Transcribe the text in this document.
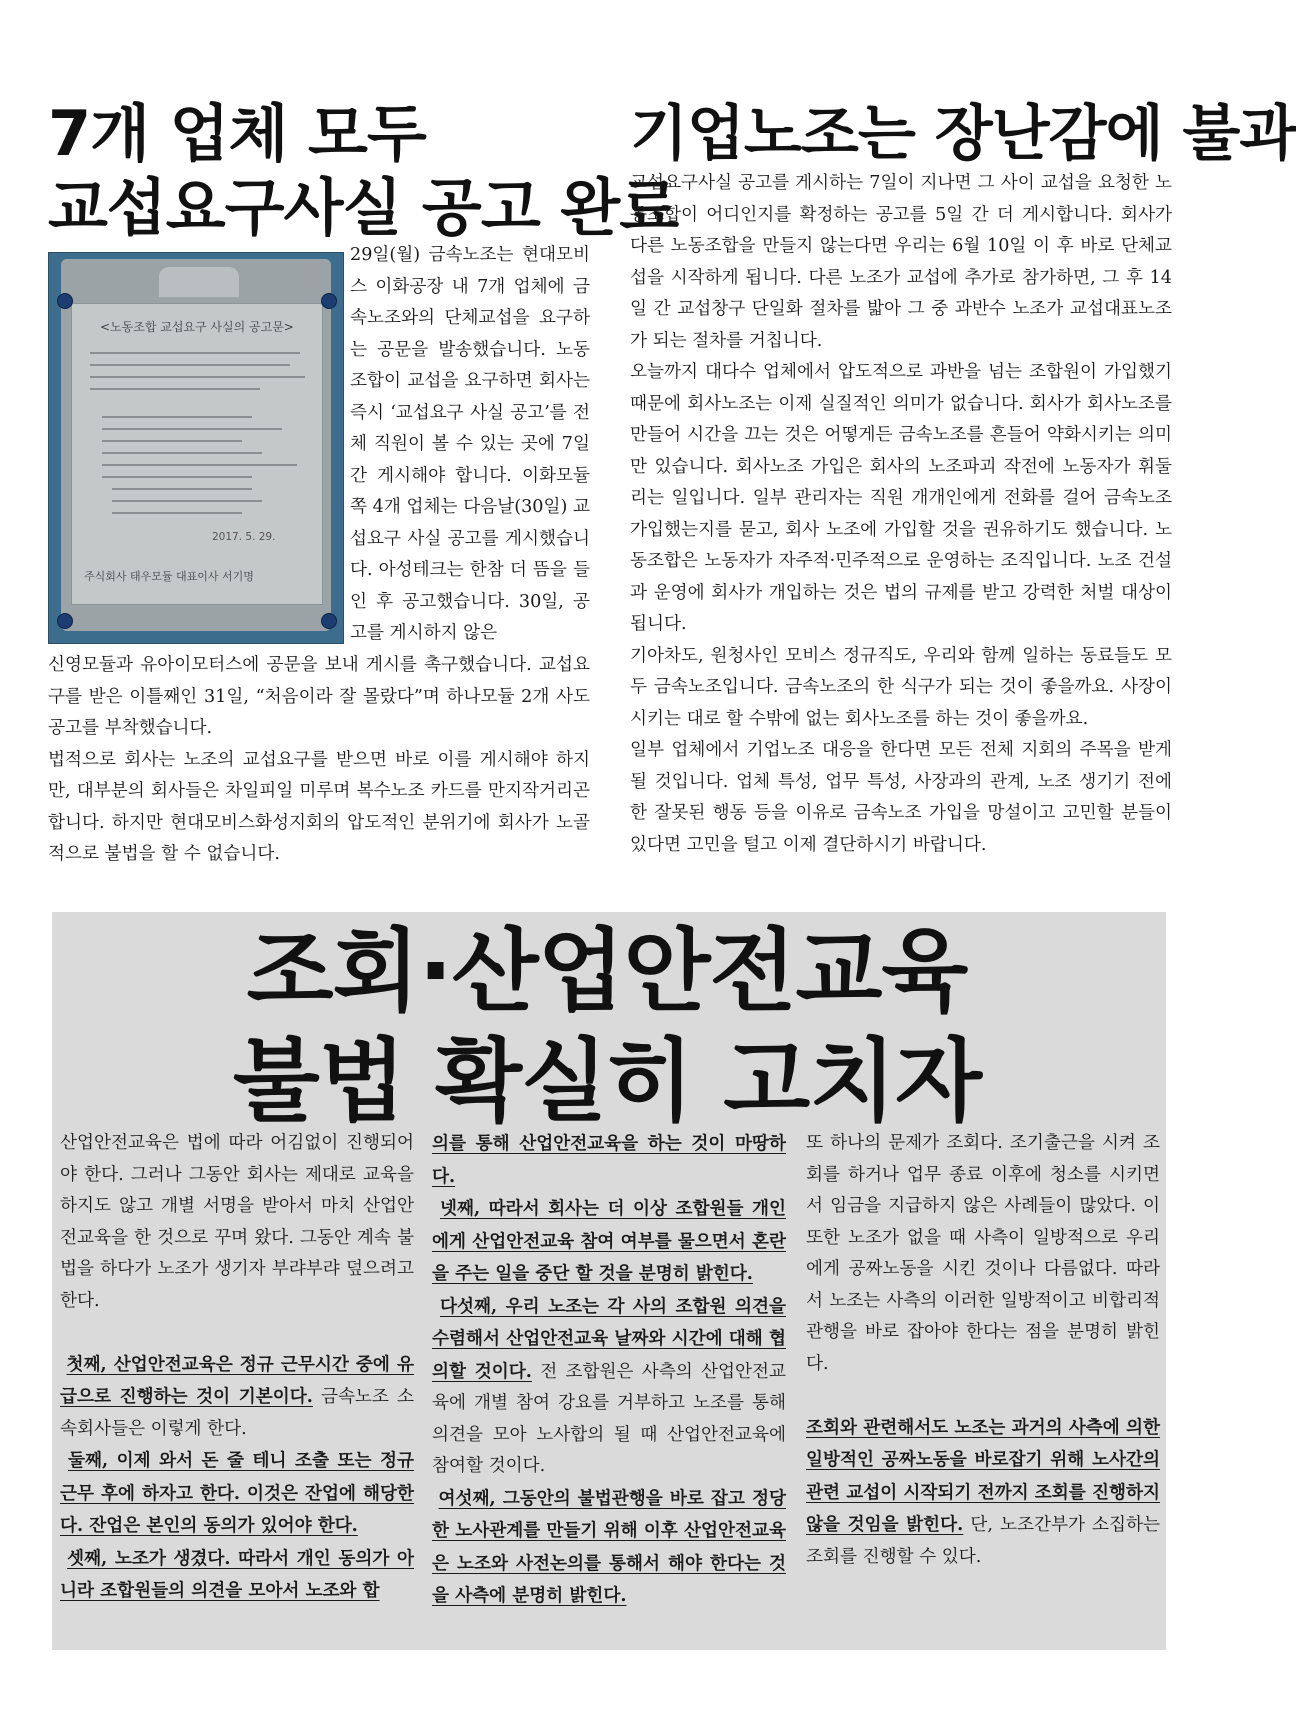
7개 업체 모두
교섭요구사실 공고 완료
<노동조합 교섭요구 사실의 공고문>
2017. 5. 29.
주식회사 태우모듈 대표이사 서기명
29일(월) 금속노조는 현대모비스 이화공장 내 7개 업체에 금속노조와의 단체교섭을 요구하는 공문을 발송했습니다. 노동조합이 교섭을 요구하면 회사는 즉시 ‘교섭요구 사실 공고’를 전체 직원이 볼 수 있는 곳에 7일 간 게시해야 합니다. 이화모듈 쪽 4개 업체는 다음날(30일) 교섭요구 사실 공고를 게시했습니다. 아성테크는 한참 더 뜸을 들인 후 공고했습니다. 30일, 공고를 게시하지 않은

신영모듈과 유아이모터스에 공문을 보내 게시를 촉구했습니다. 교섭요구를 받은 이틀째인 31일, “처음이라 잘 몰랐다”며 하나모듈 2개 사도 공고를 부착했습니다.

법적으로 회사는 노조의 교섭요구를 받으면 바로 이를 게시해야 하지만, 대부분의 회사들은 차일피일 미루며 복수노조 카드를 만지작거리곤 합니다. 하지만 현대모비스화성지회의 압도적인 분위기에 회사가 노골적으로 불법을 할 수 없습니다.

기업노조는 장난감에 불과

교섭요구사실 공고를 게시하는 7일이 지나면 그 사이 교섭을 요청한 노동조합이 어디인지를 확정하는 공고를 5일 간 더 게시합니다. 회사가 다른 노동조합을 만들지 않는다면 우리는 6월 10일 이 후 바로 단체교섭을 시작하게 됩니다. 다른 노조가 교섭에 추가로 참가하면, 그 후 14일 간 교섭창구 단일화 절차를 밟아 그 중 과반수 노조가 교섭대표노조가 되는 절차를 거칩니다.

오늘까지 대다수 업체에서 압도적으로 과반을 넘는 조합원이 가입했기 때문에 회사노조는 이제 실질적인 의미가 없습니다. 회사가 회사노조를 만들어 시간을 끄는 것은 어떻게든 금속노조를 흔들어 약화시키는 의미만 있습니다. 회사노조 가입은 회사의 노조파괴 작전에 노동자가 휘둘리는 일입니다. 일부 관리자는 직원 개개인에게 전화를 걸어 금속노조 가입했는지를 묻고, 회사 노조에 가입할 것을 권유하기도 했습니다. 노동조합은 노동자가 자주적·민주적으로 운영하는 조직입니다. 노조 건설과 운영에 회사가 개입하는 것은 법의 규제를 받고 강력한 처벌 대상이 됩니다.

기아차도, 원청사인 모비스 정규직도, 우리와 함께 일하는 동료들도 모두 금속노조입니다. 금속노조의 한 식구가 되는 것이 좋을까요. 사장이 시키는 대로 할 수밖에 없는 회사노조를 하는 것이 좋을까요.

일부 업체에서 기업노조 대응을 한다면 모든 전체 지회의 주목을 받게 될 것입니다. 업체 특성, 업무 특성, 사장과의 관계, 노조 생기기 전에 한 잘못된 행동 등을 이유로 금속노조 가입을 망설이고 고민할 분들이 있다면 고민을 털고 이제 결단하시기 바랍니다.

조회·산업안전교육
불법 확실히 고치자

산업안전교육은 법에 따라 어김없이 진행되어야 한다. 그러나 그동안 회사는 제대로 교육을 하지도 않고 개별 서명을 받아서 마치 산업안전교육을 한 것으로 꾸며 왔다. 그동안 계속 불법을 하다가 노조가 생기자 부랴부랴 덮으려고 한다.

첫째, 산업안전교육은 정규 근무시간 중에 유급으로 진행하는 것이 기본이다. 금속노조 소속회사들은 이렇게 한다.

둘째, 이제 와서 돈 줄 테니 조출 또는 정규 근무 후에 하자고 한다. 이것은 잔업에 해당한다. 잔업은 본인의 동의가 있어야 한다.

셋째, 노조가 생겼다. 따라서 개인 동의가 아니라 조합원들의 의견을 모아서 노조와 합

의를 통해 산업안전교육을 하는 것이 마땅하다.

넷째, 따라서 회사는 더 이상 조합원들 개인에게 산업안전교육 참여 여부를 물으면서 혼란을 주는 일을 중단 할 것을 분명히 밝힌다.

다섯째, 우리 노조는 각 사의 조합원 의견을 수렴해서 산업안전교육 날짜와 시간에 대해 협의할 것이다. 전 조합원은 사측의 산업안전교육에 개별 참여 강요를 거부하고 노조를 통해 의견을 모아 노사합의 될 때 산업안전교육에 참여할 것이다.

여섯째, 그동안의 불법관행을 바로 잡고 정당한 노사관계를 만들기 위해 이후 산업안전교육은 노조와 사전논의를 통해서 해야 한다는 것을 사측에 분명히 밝힌다.

또 하나의 문제가 조회다. 조기출근을 시켜 조회를 하거나 업무 종료 이후에 청소를 시키면서 임금을 지급하지 않은 사례들이 많았다. 이 또한 노조가 없을 때 사측이 일방적으로 우리에게 공짜노동을 시킨 것이나 다름없다. 따라서 노조는 사측의 이러한 일방적이고 비합리적 관행을 바로 잡아야 한다는 점을 분명히 밝힌다.

조회와 관련해서도 노조는 과거의 사측에 의한 일방적인 공짜노동을 바로잡기 위해 노사간의 관련 교섭이 시작되기 전까지 조회를 진행하지 않을 것임을 밝힌다. 단, 노조간부가 소집하는 조회를 진행할 수 있다.
